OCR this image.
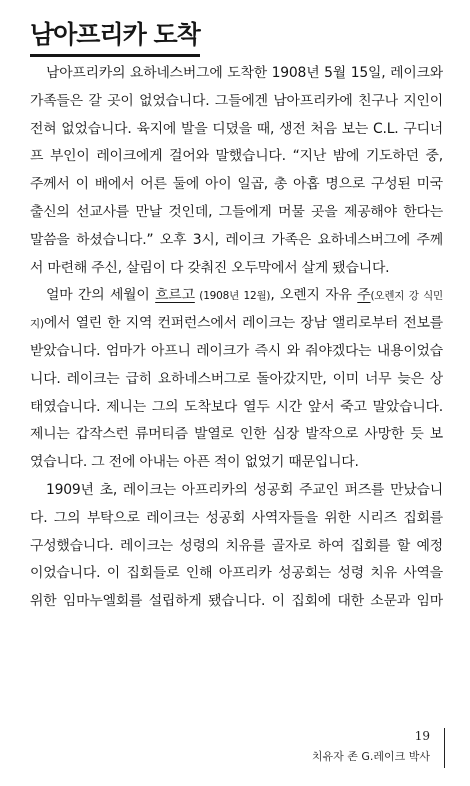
남아프리카 도착
남아프리카의 요하네스버그에 도착한 1908년 5월 15일, 레이크와
가족들은 갈 곳이 없었습니다. 그들에겐 남아프리카에 친구나 지인이
전혀 없었습니다. 육지에 발을 디뎠을 때, 생전 처음 보는 C.L. 구디너
프 부인이 레이크에게 걸어와 말했습니다. “지난 밤에 기도하던 중,
주께서 이 배에서 어른 둘에 아이 일곱, 총 아홉 명으로 구성된 미국
출신의 선교사를 만날 것인데, 그들에게 머물 곳을 제공해야 한다는
말씀을 하셨습니다.” 오후 3시, 레이크 가족은 요하네스버그에 주께
서 마련해 주신, 살림이 다 갖춰진 오두막에서 살게 됐습니다.
얼마 간의 세월이 흐르고 (1908년 12월), 오렌지 자유 주(오렌지 강 식민
지)에서 열린 한 지역 컨퍼런스에서 레이크는 장남 앨리로부터 전보를
받았습니다. 엄마가 아프니 레이크가 즉시 와 줘야겠다는 내용이었습
니다. 레이크는 급히 요하네스버그로 돌아갔지만, 이미 너무 늦은 상
태였습니다. 제니는 그의 도착보다 열두 시간 앞서 죽고 말았습니다.
제니는 갑작스런 류머티즘 발열로 인한 심장 발작으로 사망한 듯 보
였습니다. 그 전에 아내는 아픈 적이 없었기 때문입니다.
1909년 초, 레이크는 아프리카의 성공회 주교인 퍼즈를 만났습니
다. 그의 부탁으로 레이크는 성공회 사역자들을 위한 시리즈 집회를
구성했습니다. 레이크는 성령의 치유를 골자로 하여 집회를 할 예정
이었습니다. 이 집회들로 인해 아프리카 성공회는 성령 치유 사역을
위한 임마누엘회를 설립하게 됐습니다. 이 집회에 대한 소문과 임마
19
치유자 존 G.레이크 박사
